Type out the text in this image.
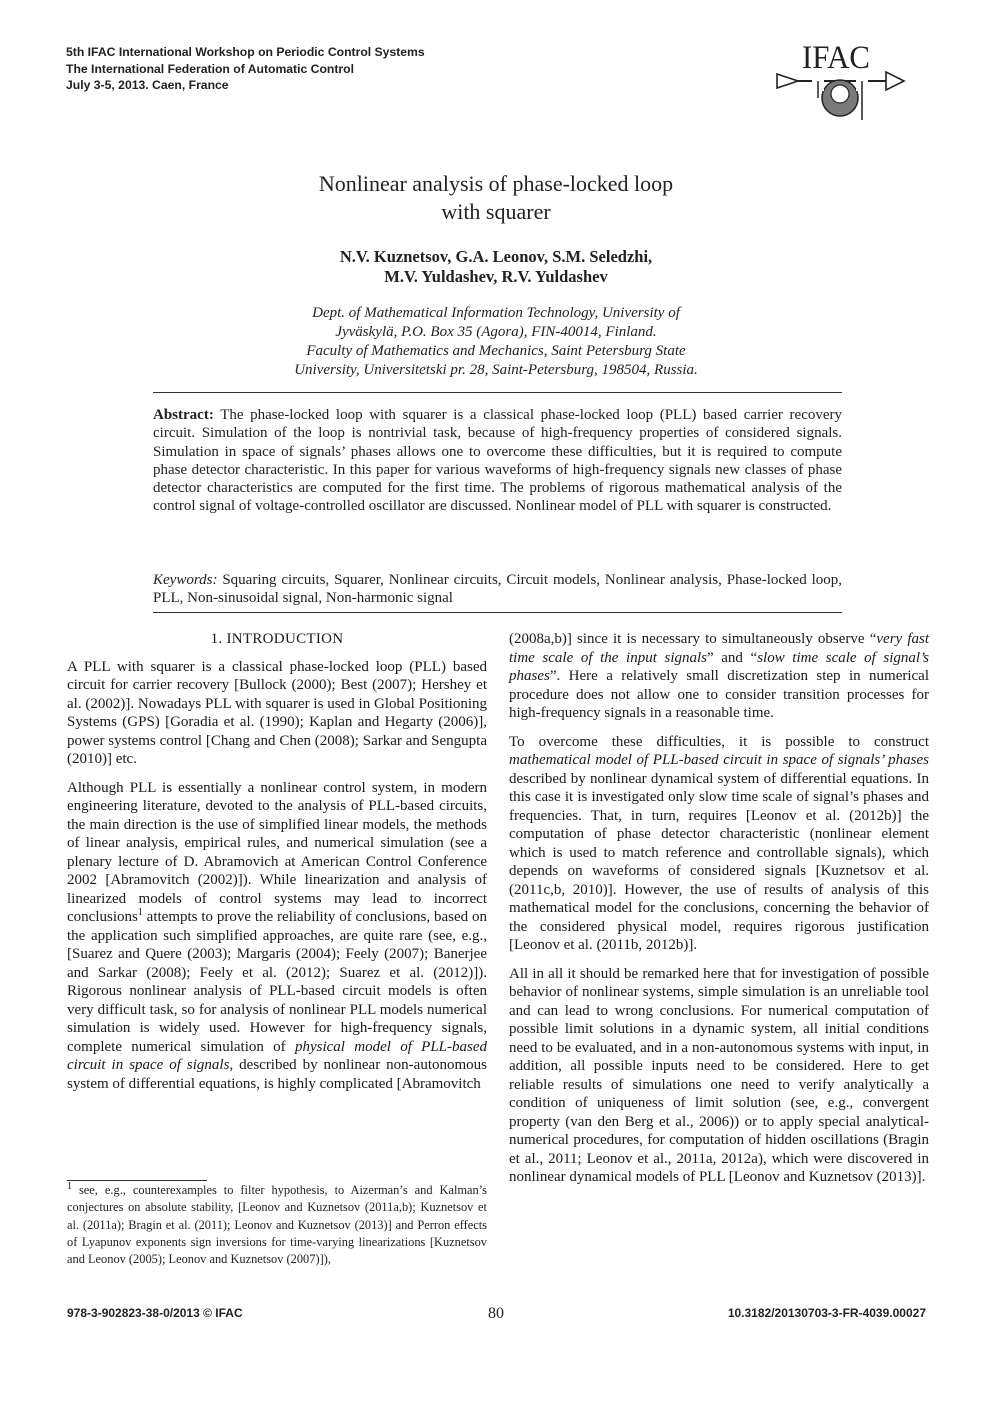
5th IFAC International Workshop on Periodic Control Systems
The International Federation of Automatic Control
July 3-5, 2013. Caen, France
IFAC
Nonlinear analysis of phase-locked loop
with squarer
N.V. Kuznetsov, G.A. Leonov, S.M. Seledzhi,
M.V. Yuldashev, R.V. Yuldashev
Dept. of Mathematical Information Technology, University of
Jyväskylä, P.O. Box 35 (Agora), FIN-40014, Finland.
Faculty of Mathematics and Mechanics, Saint Petersburg State
University, Universitetski pr. 28, Saint-Petersburg, 198504, Russia.
Abstract: The phase-locked loop with squarer is a classical phase-locked loop (PLL) based carrier recovery circuit. Simulation of the loop is nontrivial task, because of high-frequency properties of considered signals. Simulation in space of signals’ phases allows one to overcome these difficulties, but it is required to compute phase detector characteristic. In this paper for various waveforms of high-frequency signals new classes of phase detector characteristics are computed for the first time. The problems of rigorous mathematical analysis of the control signal of voltage-controlled oscillator are discussed. Nonlinear model of PLL with squarer is constructed.
Keywords: Squaring circuits, Squarer, Nonlinear circuits, Circuit models, Nonlinear analysis, Phase-locked loop, PLL, Non-sinusoidal signal, Non-harmonic signal
1. INTRODUCTION

A PLL with squarer is a classical phase-locked loop (PLL) based circuit for carrier recovery [Bullock (2000); Best (2007); Hershey et al. (2002)]. Nowadays PLL with squarer is used in Global Positioning Systems (GPS) [Goradia et al. (1990); Kaplan and Hegarty (2006)], power systems control [Chang and Chen (2008); Sarkar and Sengupta (2010)] etc.

Although PLL is essentially a nonlinear control system, in modern engineering literature, devoted to the analysis of PLL-based circuits, the main direction is the use of simplified linear models, the methods of linear analysis, empirical rules, and numerical simulation (see a plenary lecture of D. Abramovich at American Control Conference 2002 [Abramovitch (2002)]). While linearization and analysis of linearized models of control systems may lead to incorrect conclusions$^1$ attempts to prove the reliability of conclusions, based on the application such simplified approaches, are quite rare (see, e.g., [Suarez and Quere (2003); Margaris (2004); Feely (2007); Banerjee and Sarkar (2008); Feely et al. (2012); Suarez et al. (2012)]). Rigorous nonlinear analysis of PLL-based circuit models is often very difficult task, so for analysis of nonlinear PLL models numerical simulation is widely used. However for high-frequency signals, complete numerical simulation of physical model of PLL-based circuit in space of signals, described by nonlinear non-autonomous system of differential equations, is highly complicated [Abramovitch

$^1$ see, e.g., counterexamples to filter hypothesis, to Aizerman’s and Kalman’s conjectures on absolute stability, [Leonov and Kuznetsov (2011a,b); Kuznetsov et al. (2011a); Bragin et al. (2011); Leonov and Kuznetsov (2013)] and Perron effects of Lyapunov exponents sign inversions for time-varying linearizations [Kuznetsov and Leonov (2005); Leonov and Kuznetsov (2007)]),

(2008a,b)] since it is necessary to simultaneously observe “very fast time scale of the input signals” and “slow time scale of signal’s phases”. Here a relatively small discretization step in numerical procedure does not allow one to consider transition processes for high-frequency signals in a reasonable time.

To overcome these difficulties, it is possible to construct mathematical model of PLL-based circuit in space of signals’ phases described by nonlinear dynamical system of differential equations. In this case it is investigated only slow time scale of signal’s phases and frequencies. That, in turn, requires [Leonov et al. (2012b)] the computation of phase detector characteristic (nonlinear element which is used to match reference and controllable signals), which depends on waveforms of considered signals [Kuznetsov et al. (2011c,b, 2010)]. However, the use of results of analysis of this mathematical model for the conclusions, concerning the behavior of the considered physical model, requires rigorous justification [Leonov et al. (2011b, 2012b)].

All in all it should be remarked here that for investigation of possible behavior of nonlinear systems, simple simulation is an unreliable tool and can lead to wrong conclusions. For numerical computation of possible limit solutions in a dynamic system, all initial conditions need to be evaluated, and in a non-autonomous systems with input, in addition, all possible inputs need to be considered. Here to get reliable results of simulations one need to verify analytically a condition of uniqueness of limit solution (see, e.g., convergent property (van den Berg et al., 2006)) or to apply special analytical-numerical procedures, for computation of hidden oscillations (Bragin et al., 2011; Leonov et al., 2011a, 2012a), which were discovered in nonlinear dynamical models of PLL [Leonov and Kuznetsov (2013)].

978-3-902823-38-0/2013 © IFAC	80	10.3182/20130703-3-FR-4039.00027
